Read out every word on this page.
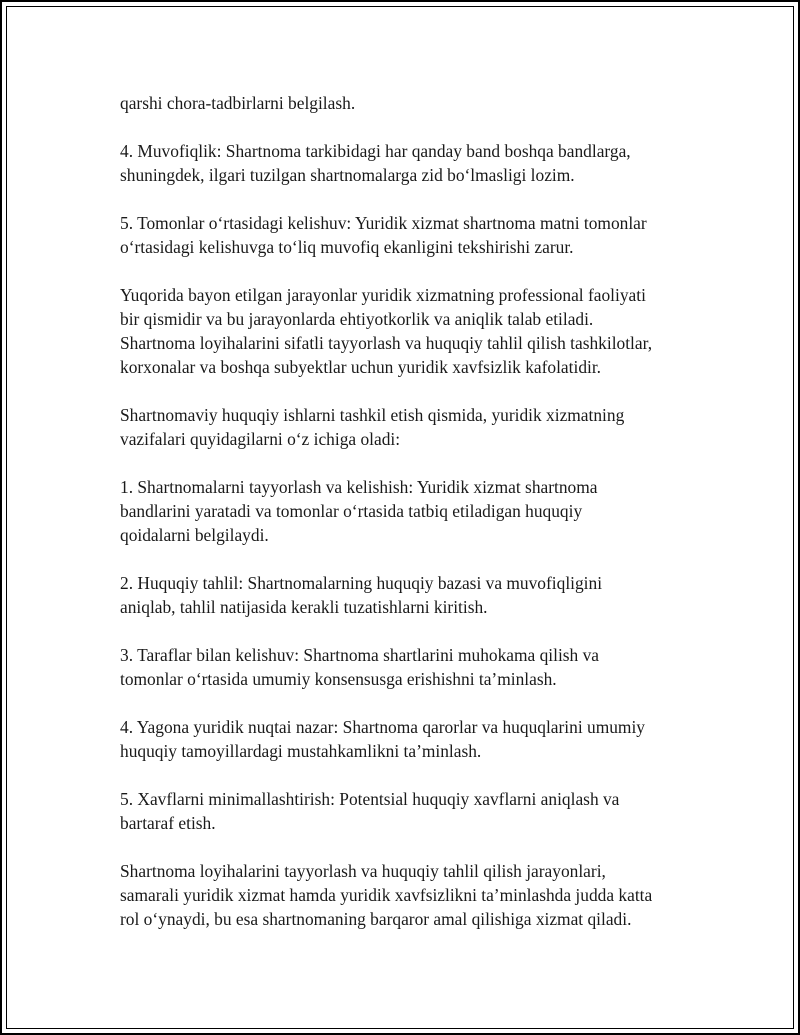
qarshi chora-tadbirlarni belgilash.

4. Muvofiqlik: Shartnoma tarkibidagi har qanday band boshqa bandlarga,
shuningdek, ilgari tuzilgan shartnomalarga zid boʻlmasligi lozim.

5. Tomonlar oʻrtasidagi kelishuv: Yuridik xizmat shartnoma matni tomonlar
oʻrtasidagi kelishuvga toʻliq muvofiq ekanligini tekshirishi zarur.

Yuqorida bayon etilgan jarayonlar yuridik xizmatning professional faoliyati
bir qismidir va bu jarayonlarda ehtiyotkorlik va aniqlik talab etiladi.
Shartnoma loyihalarini sifatli tayyorlash va huquqiy tahlil qilish tashkilotlar,
korxonalar va boshqa subyektlar uchun yuridik xavfsizlik kafolatidir.

Shartnomaviy huquqiy ishlarni tashkil etish qismida, yuridik xizmatning
vazifalari quyidagilarni oʻz ichiga oladi:

1. Shartnomalarni tayyorlash va kelishish: Yuridik xizmat shartnoma
bandlarini yaratadi va tomonlar oʻrtasida tatbiq etiladigan huquqiy
qoidalarni belgilaydi.

2. Huquqiy tahlil: Shartnomalarning huquqiy bazasi va muvofiqligini
aniqlab, tahlil natijasida kerakli tuzatishlarni kiritish.

3. Taraflar bilan kelishuv: Shartnoma shartlarini muhokama qilish va
tomonlar oʻrtasida umumiy konsensusga erishishni ta’minlash.

4. Yagona yuridik nuqtai nazar: Shartnoma qarorlar va huquqlarini umumiy
huquqiy tamoyillardagi mustahkamlikni ta’minlash.

5. Xavflarni minimallashtirish: Potentsial huquqiy xavflarni aniqlash va
bartaraf etish.

Shartnoma loyihalarini tayyorlash va huquqiy tahlil qilish jarayonlari,
samarali yuridik xizmat hamda yuridik xavfsizlikni ta’minlashda judda katta
rol oʻynaydi, bu esa shartnomaning barqaror amal qilishiga xizmat qiladi.
